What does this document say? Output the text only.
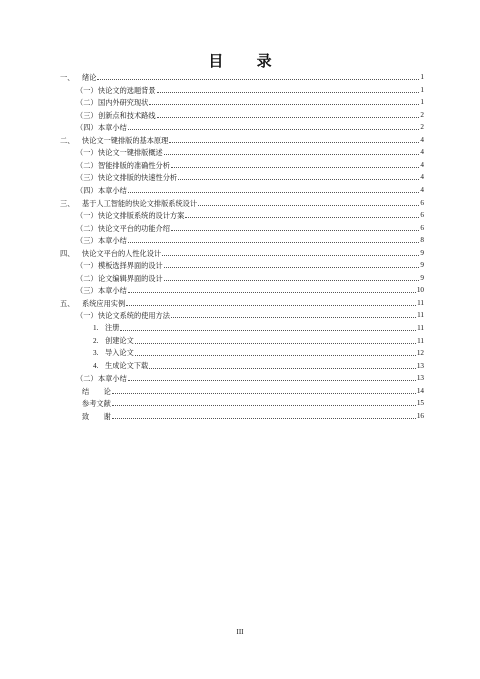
目 录
一、	绪论	1
（一） 快论文的选题背景	1
（二） 国内外研究现状	1
（三） 创新点和技术路线	2
（四） 本章小结	2
二、	快论文一键排版的基本原理	4
（一） 快论文一键排版概述	4
（二） 智能排版的准确性分析	4
（三） 快论文排版的快速性分析	4
（四） 本章小结	4
三、	基于人工智能的快论文排版系统设计	6
（一） 快论文排版系统的设计方案	6
（二） 快论文平台的功能介绍	6
（三） 本章小结	8
四、	快论文平台的人性化设计	9
（一） 模板选择界面的设计	9
（二） 论文编辑界面的设计	9
（三） 本章小结	10
五、	系统应用实例	11
（一） 快论文系统的使用方法	11
1. 注册	11
2. 创建论文	11
3. 导入论文	12
4. 生成论文下载	13
（二） 本章小结	13
结　　论	14
参考文献	15
致　　谢	16
III
